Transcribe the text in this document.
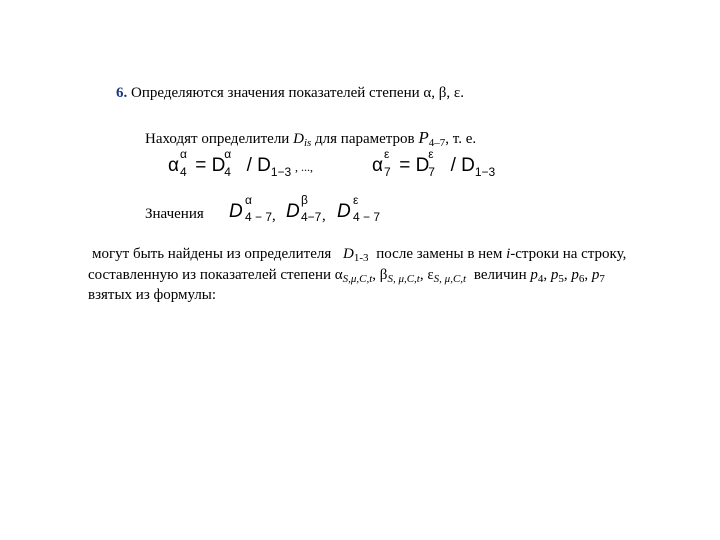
6. Определяются значения показателей степени α, β, ε.
Находят определители $D_{is}$ для параметров $P_{4-7}$, т. е.
α
α
4 = D
α
$4 / D_{1-3}$ , ...,	α
ε
7 = D
ε
$7 / D_{1-3}$
Значения D
α
4 − 7 , D
β
4−7 , D
ε
4 − 7
могут быть найдены из определителя $D_{1-3}$ после замены в нем i-строки на строку,
составленную из показателей степени $\alpha_{S,\mu,C,t}$, $\beta_{S, \mu,C,t}$, $\varepsilon_{S, \mu,C,t}$ величин $p_4$, $p_5$, $p_6$, $p_7$
взятых из формулы:
